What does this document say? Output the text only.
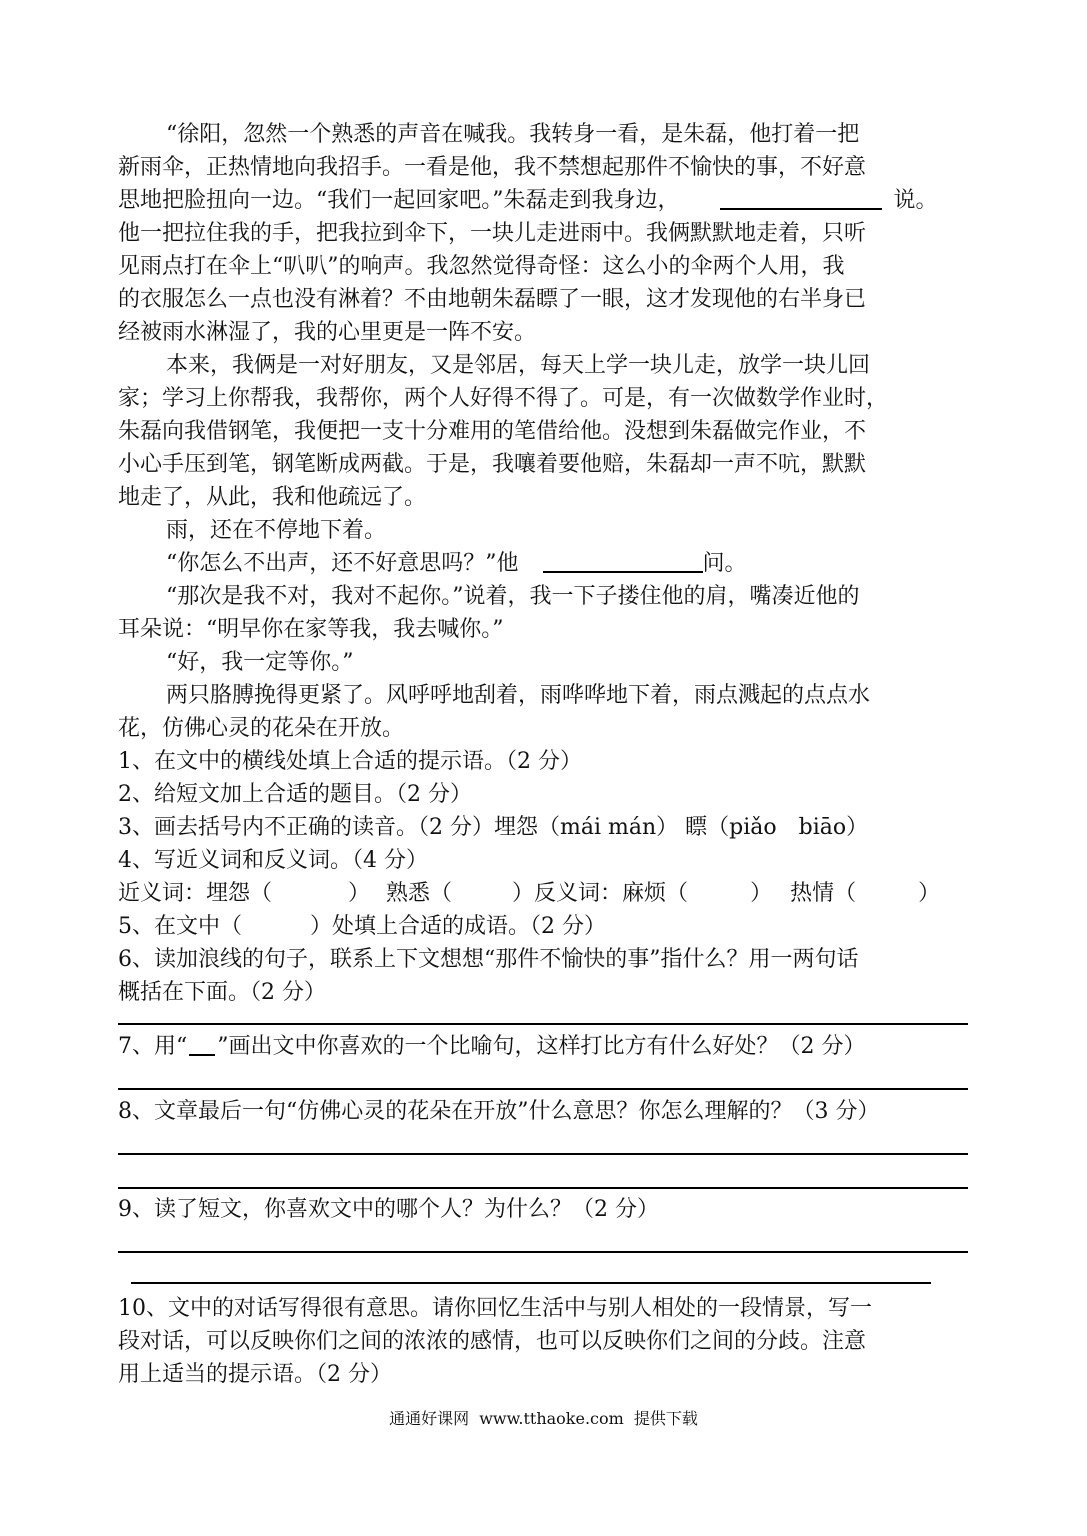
“徐阳，忽然一个熟悉的声音在喊我。我转身一看，是朱磊，他打着一把
新雨伞，正热情地向我招手。一看是他，我不禁想起那件不愉快的事，不好意
思地把脸扭向一边。“我们一起回家吧。”朱磊走到我身边，	说。
他一把拉住我的手，把我拉到伞下，一块儿走进雨中。我俩默默地走着，只听
见雨点打在伞上“叭叭”的响声。我忽然觉得奇怪：这么小的伞两个人用，我
的衣服怎么一点也没有淋着？不由地朝朱磊瞟了一眼，这才发现他的右半身已
经被雨水淋湿了，我的心里更是一阵不安。
本来，我俩是一对好朋友，又是邻居，每天上学一块儿走，放学一块儿回
家；学习上你帮我，我帮你，两个人好得不得了。可是，有一次做数学作业时，
朱磊向我借钢笔，我便把一支十分难用的笔借给他。没想到朱磊做完作业，不
小心手压到笔，钢笔断成两截。于是，我嚷着要他赔，朱磊却一声不吭，默默
地走了，从此，我和他疏远了。
雨，还在不停地下着。
“你怎么不出声，还不好意思吗？”他	问。
“那次是我不对，我对不起你。”说着，我一下子搂住他的肩，嘴凑近他的
耳朵说：“明早你在家等我，我去喊你。”
“好，我一定等你。”
两只胳膊挽得更紧了。风呼呼地刮着，雨哗哗地下着，雨点溅起的点点水
花，仿佛心灵的花朵在开放。
1、在文中的横线处填上合适的提示语。（2 分）
2、给短文加上合适的题目。（2 分）
3、画去括号内不正确的读音。（2 分）埋怨（mái mán） 瞟（piǎo　biāo）
4、写近义词和反义词。（4 分）
近义词：埋怨（	） 熟悉（	）反义词：麻烦（	） 热情（	）
5、在文中（	）处填上合适的成语。（2 分）
6、读加浪线的句子，联系上下文想想“那件不愉快的事”指什么？用一两句话
概括在下面。（2 分）
7、用“ ”画出文中你喜欢的一个比喻句，这样打比方有什么好处？（2 分）
8、文章最后一句“仿佛心灵的花朵在开放”什么意思？你怎么理解的？（3 分）
9、读了短文，你喜欢文中的哪个人？为什么？（2 分）
10、文中的对话写得很有意思。请你回忆生活中与别人相处的一段情景，写一
段对话，可以反映你们之间的浓浓的感情，也可以反映你们之间的分歧。注意
用上适当的提示语。（2 分）
通通好课网 www.tthaoke.com 提供下载
